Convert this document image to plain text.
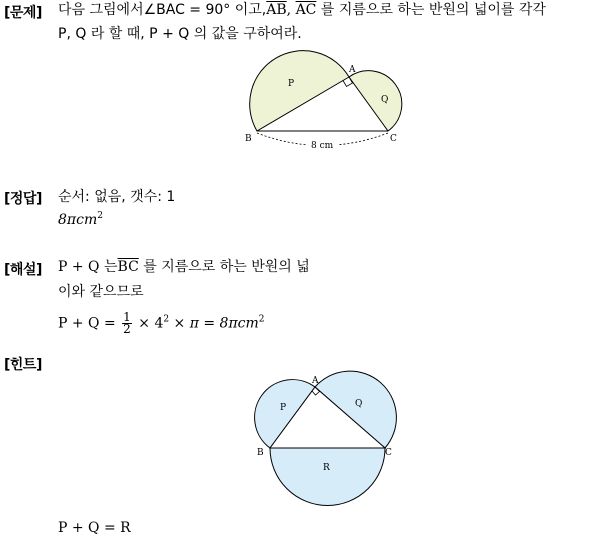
[문제] 다음 그림에서∠BAC = 90° 이고$,\overline{AB}$, $\overline{AC}$ 를 지름으로 하는 반원의 넓이를 각각
P, Q 라 할 때, P + Q 의 값을 구하여라.
P
Q
A
B	C
8 cm
[정답] 순서: 없음, 갯수: 1
8πcm$^2$
[해설] P + Q 는$\overline{BC}$ 를 지름으로 하는 반원의 넓
이와 같으므로
$P + Q = \frac{1}{2} \times 4^2 \times \pi = 8\pi cm^2$
[힌트]
P	Q
R
A
B	C
P + Q = R
